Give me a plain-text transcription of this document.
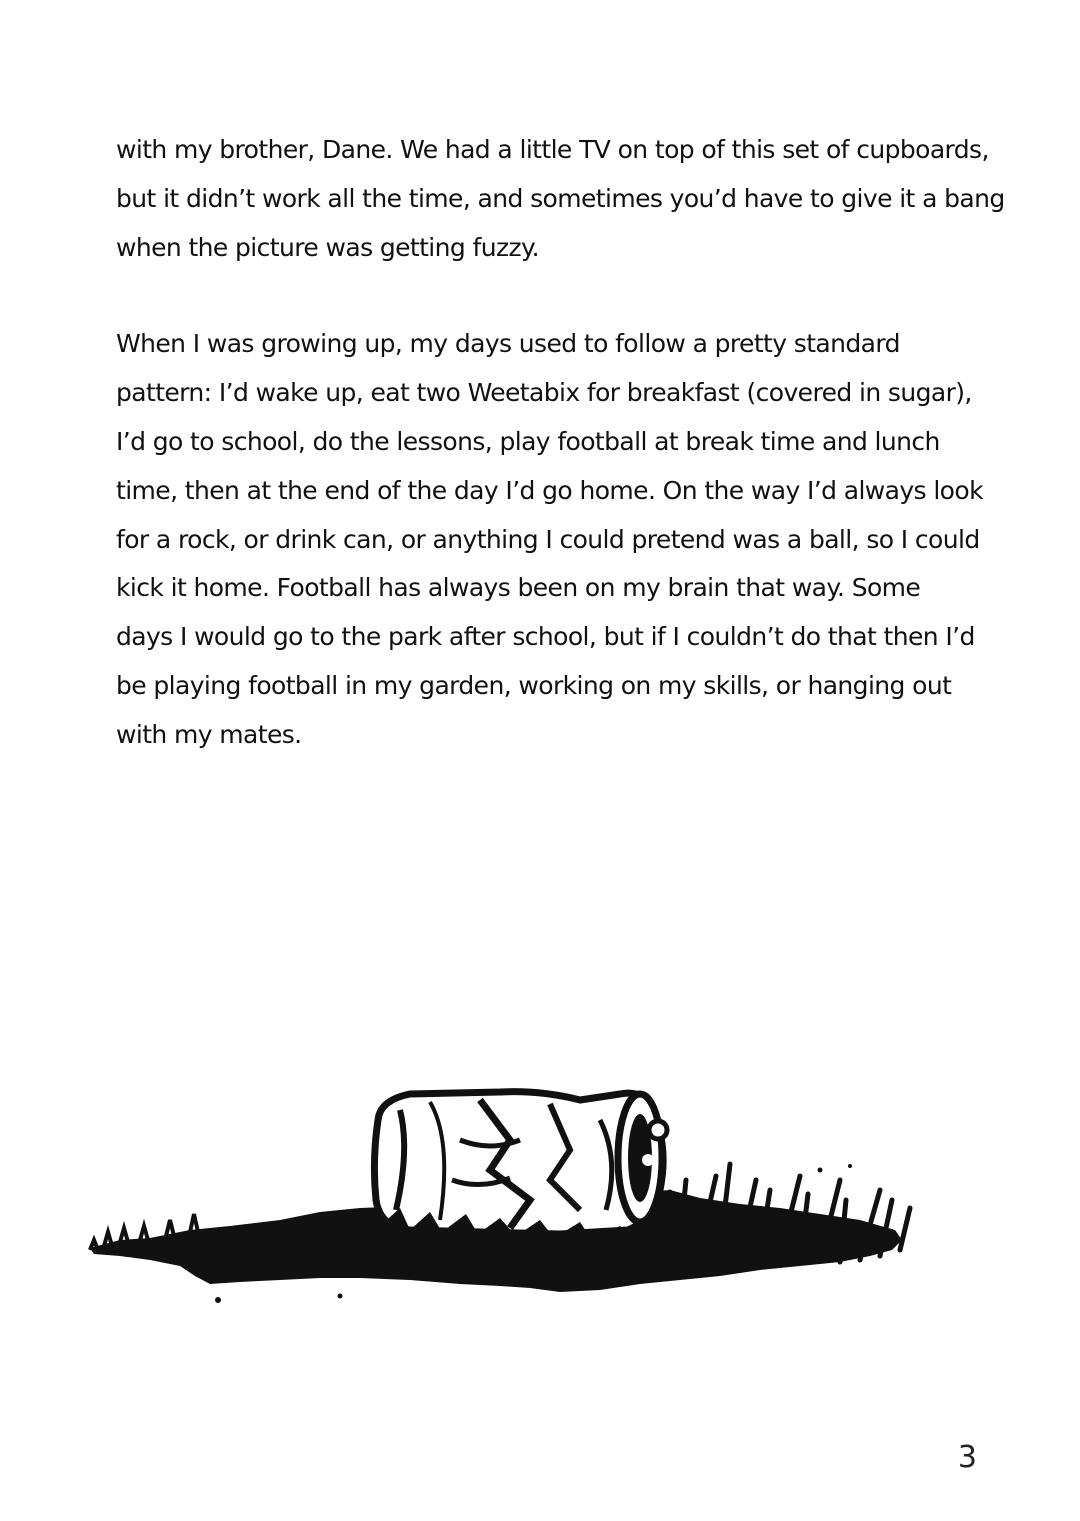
with my brother, Dane. We had a little TV on top of this set of cupboards,
but it didn’t work all the time, and sometimes you’d have to give it a bang
when the picture was getting fuzzy.

When I was growing up, my days used to follow a pretty standard
pattern: I’d wake up, eat two Weetabix for breakfast (covered in sugar),
I’d go to school, do the lessons, play football at break time and lunch
time, then at the end of the day I’d go home. On the way I’d always look
for a rock, or drink can, or anything I could pretend was a ball, so I could
kick it home. Football has always been on my brain that way. Some
days I would go to the park after school, but if I couldn’t do that then I’d
be playing football in my garden, working on my skills, or hanging out
with my mates.

3
